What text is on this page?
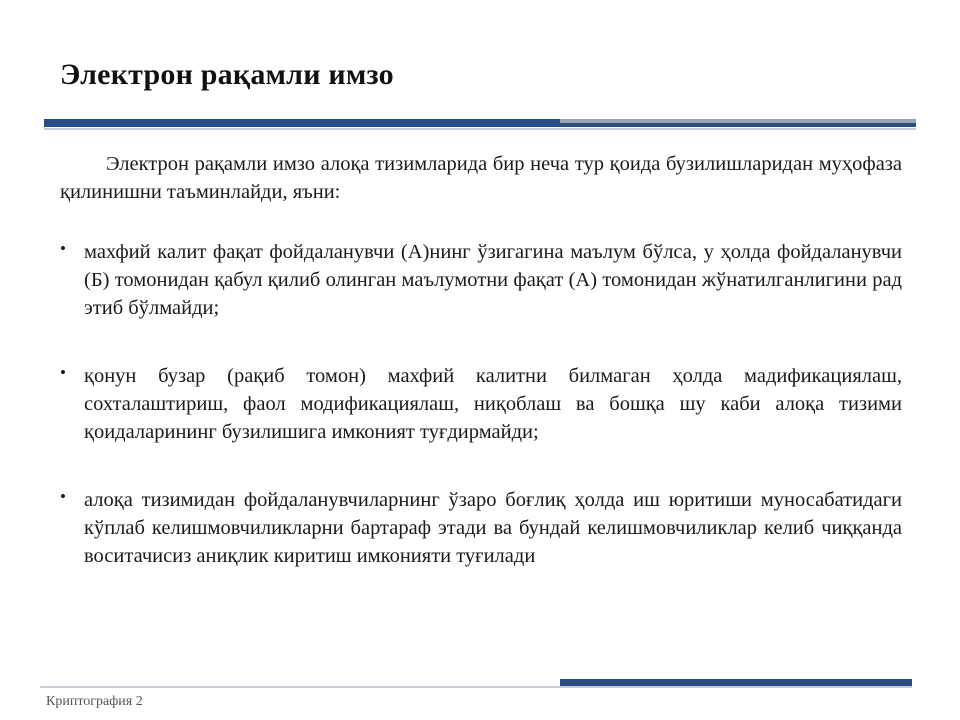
Электрон рақамли имзо

Электрон рақамли имзо алоқа тизимларида бир неча тур қоида бузилишларидан муҳофаза қилинишни таъминлайди, яъни:

• махфий калит фақат фойдаланувчи (А)нинг ўзигагина маълум бўлса, у ҳолда фойдаланувчи (Б) томонидан қабул қилиб олинган маълумотни фақат (А) томонидан жўнатилганлигини рад этиб бўлмайди;
• қонун бузар (рақиб томон) махфий калитни билмаган ҳолда мадификациялаш, сохталаштириш, фаол модификациялаш, ниқоблаш ва бошқа шу каби алоқа тизими қоидаларининг бузилишига имконият туғдирмайди;
• алоқа тизимидан фойдаланувчиларнинг ўзаро боғлиқ ҳолда иш юритиши муносабатидаги кўплаб келишмовчиликларни бартараф этади ва бундай келишмовчиликлар келиб чиққанда воситачисиз аниқлик киритиш имконияти туғилади
Криптография 2
